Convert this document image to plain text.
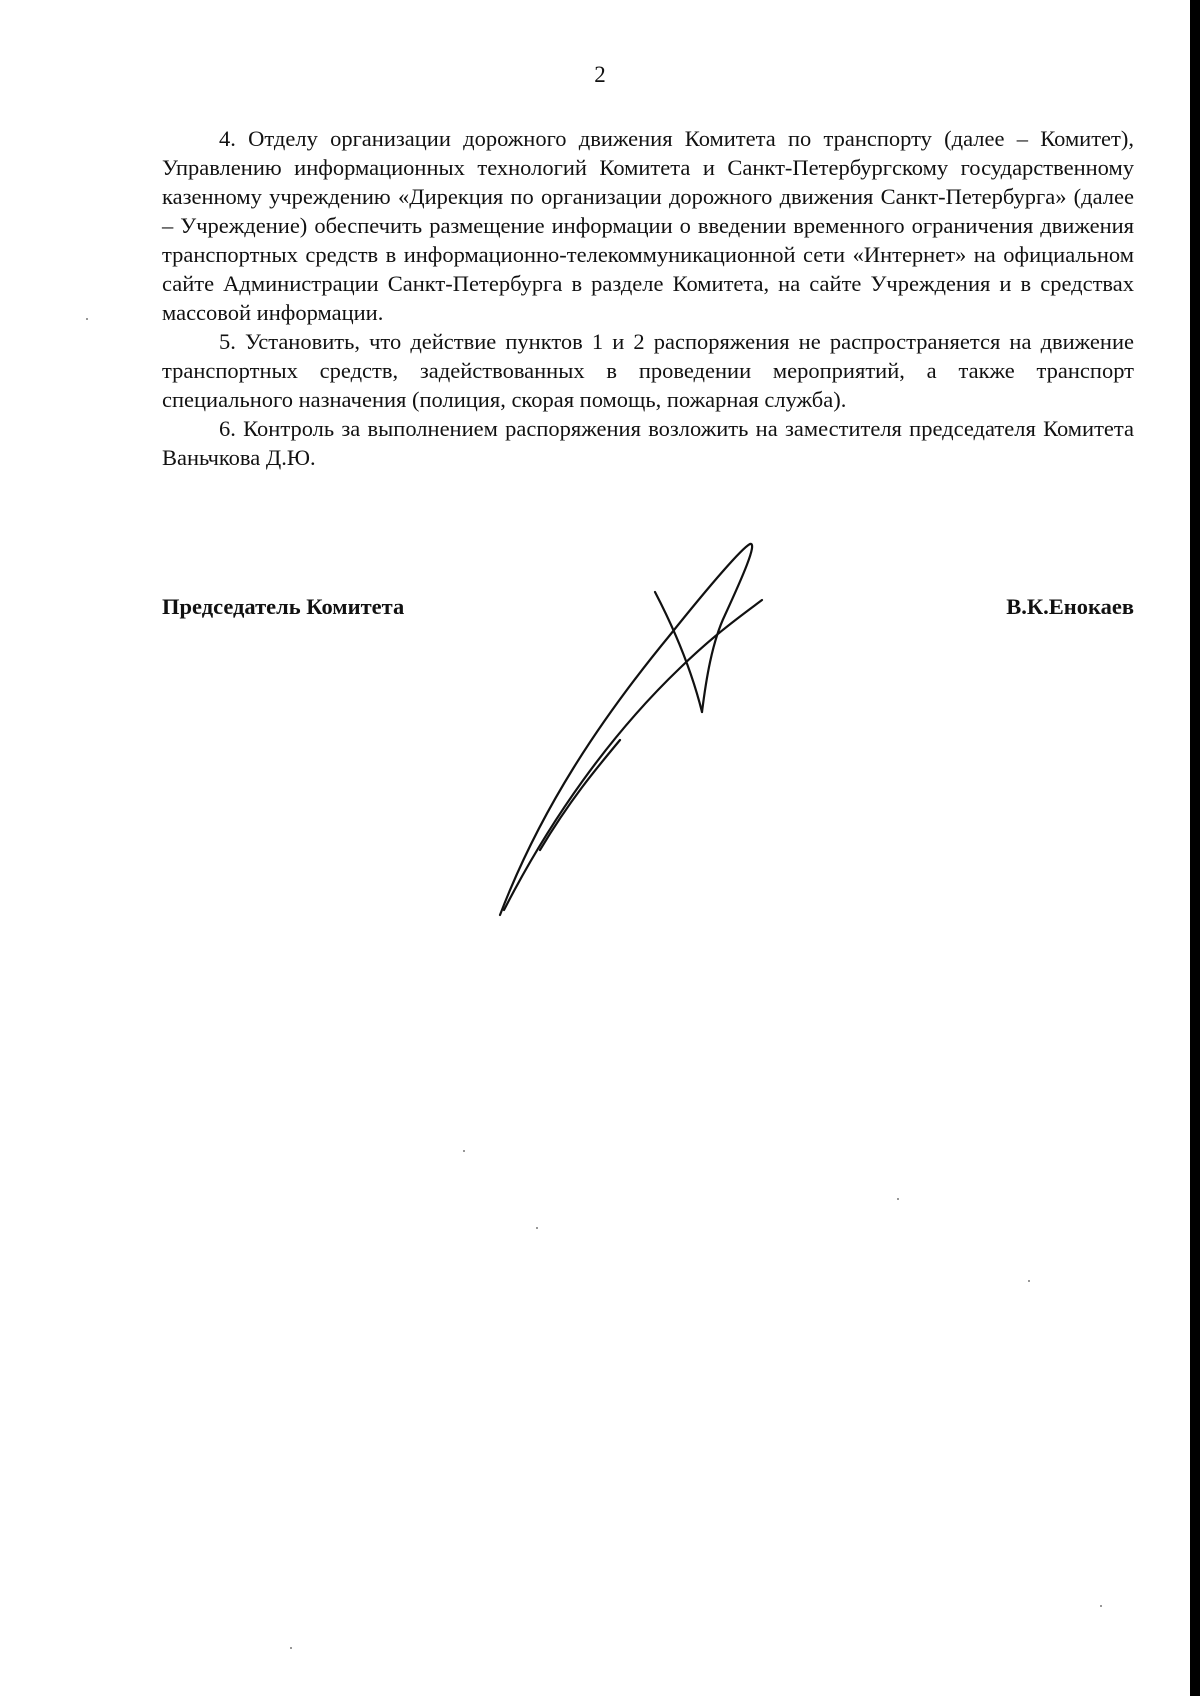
2

4. Отделу организации дорожного движения Комитета по транспорту (далее – Комитет), Управлению информационных технологий Комитета и Санкт-Петербургскому государственному казенному учреждению «Дирекция по организации дорожного движения Санкт-Петербурга» (далее – Учреждение) обеспечить размещение информации о введении временного ограничения движения транспортных средств в информационно-телекоммуникационной сети «Интернет» на официальном сайте Администрации Санкт-Петербурга в разделе Комитета, на сайте Учреждения и в средствах массовой информации.

5. Установить, что действие пунктов 1 и 2 распоряжения не распространяется на движение транспортных средств, задействованных в проведении мероприятий, а также транспорт специального назначения (полиция, скорая помощь, пожарная служба).

6. Контроль за выполнением распоряжения возложить на заместителя председателя Комитета Ваньчкова Д.Ю.

Председатель Комитета	В.К.Енокаев
